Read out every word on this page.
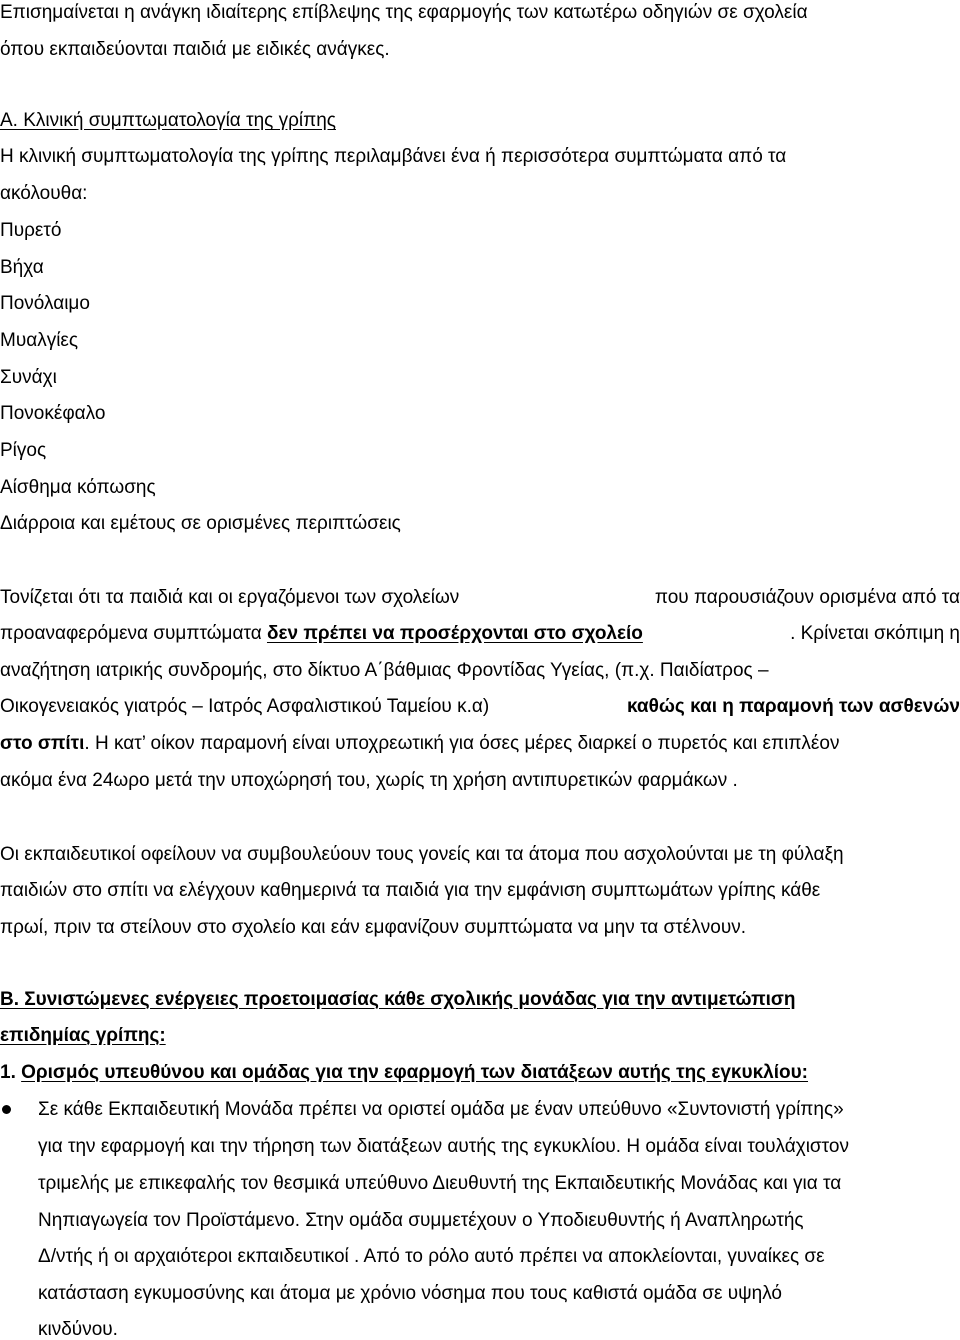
Επισημαίνεται η ανάγκη ιδιαίτερης επίβλεψης της εφαρμογής των κατωτέρω οδηγιών σε σχολεία
όπου εκπαιδεύονται παιδιά με ειδικές ανάγκες.
Α. Κλινική συμπτωματολογία της γρίπης
Η κλινική συμπτωματολογία της γρίπης περιλαμβάνει ένα ή περισσότερα συμπτώματα από τα
ακόλουθα:
Πυρετό
Βήχα
Πονόλαιμο
Μυαλγίες
Συνάχι
Πονοκέφαλο
Ρίγος
Αίσθημα κόπωσης
Διάρροια και εμέτους σε ορισμένες περιπτώσεις
Τονίζεται ότι τα παιδιά και οι εργαζόμενοι των σχολείων	που παρουσιάζουν ορισμένα από τα
προαναφερόμενα συμπτώματα δεν πρέπει να προσέρχονται στο σχολείο	. Κρίνεται σκόπιμη η
αναζήτηση ιατρικής συνδρομής, στο δίκτυο Α΄βάθμιας Φροντίδας Υγείας, (π.χ. Παιδίατρος –
Οικογενειακός γιατρός – Ιατρός Ασφαλιστικού Ταμείου κ.α)	καθώς και η παραμονή των ασθενών
στο σπίτι. Η κατ’ οίκον παραμονή είναι υποχρεωτική για όσες μέρες διαρκεί ο πυρετός και επιπλέον
ακόμα ένα 24ωρο μετά την υποχώρησή του, χωρίς τη χρήση αντιπυρετικών φαρμάκων .
Οι εκπαιδευτικοί οφείλουν να συμβουλεύουν τους γονείς και τα άτομα που ασχολούνται με τη φύλαξη
παιδιών στο σπίτι να ελέγχουν καθημερινά τα παιδιά για την εμφάνιση συμπτωμάτων γρίπης κάθε
πρωί, πριν τα στείλουν στο σχολείο και εάν εμφανίζουν συμπτώματα να μην τα στέλνουν.
Β. Συνιστώμενες ενέργειες προετοιμασίας κάθε σχολικής μονάδας για την αντιμετώπιση
επιδημίας γρίπης:
1. Ορισμός υπευθύνου και ομάδας για την εφαρμογή των διατάξεων αυτής της εγκυκλίου:
Σε κάθε Εκπαιδευτική Μονάδα πρέπει να οριστεί ομάδα με έναν υπεύθυνο «Συντονιστή γρίπης»
για την εφαρμογή και την τήρηση των διατάξεων αυτής της εγκυκλίου. Η ομάδα είναι τουλάχιστον
τριμελής με επικεφαλής τον θεσμικά υπεύθυνο Διευθυντή της Εκπαιδευτικής Μονάδας και για τα
Νηπιαγωγεία τον Προϊστάμενο. Στην ομάδα συμμετέχουν ο Υποδιευθυντής ή Αναπληρωτής
Δ/ντής ή οι αρχαιότεροι εκπαιδευτικοί . Από το ρόλο αυτό πρέπει να αποκλείονται, γυναίκες σε
κατάσταση εγκυμοσύνης και άτομα με χρόνιο νόσημα που τους καθιστά ομάδα σε υψηλό
κινδύνου.
